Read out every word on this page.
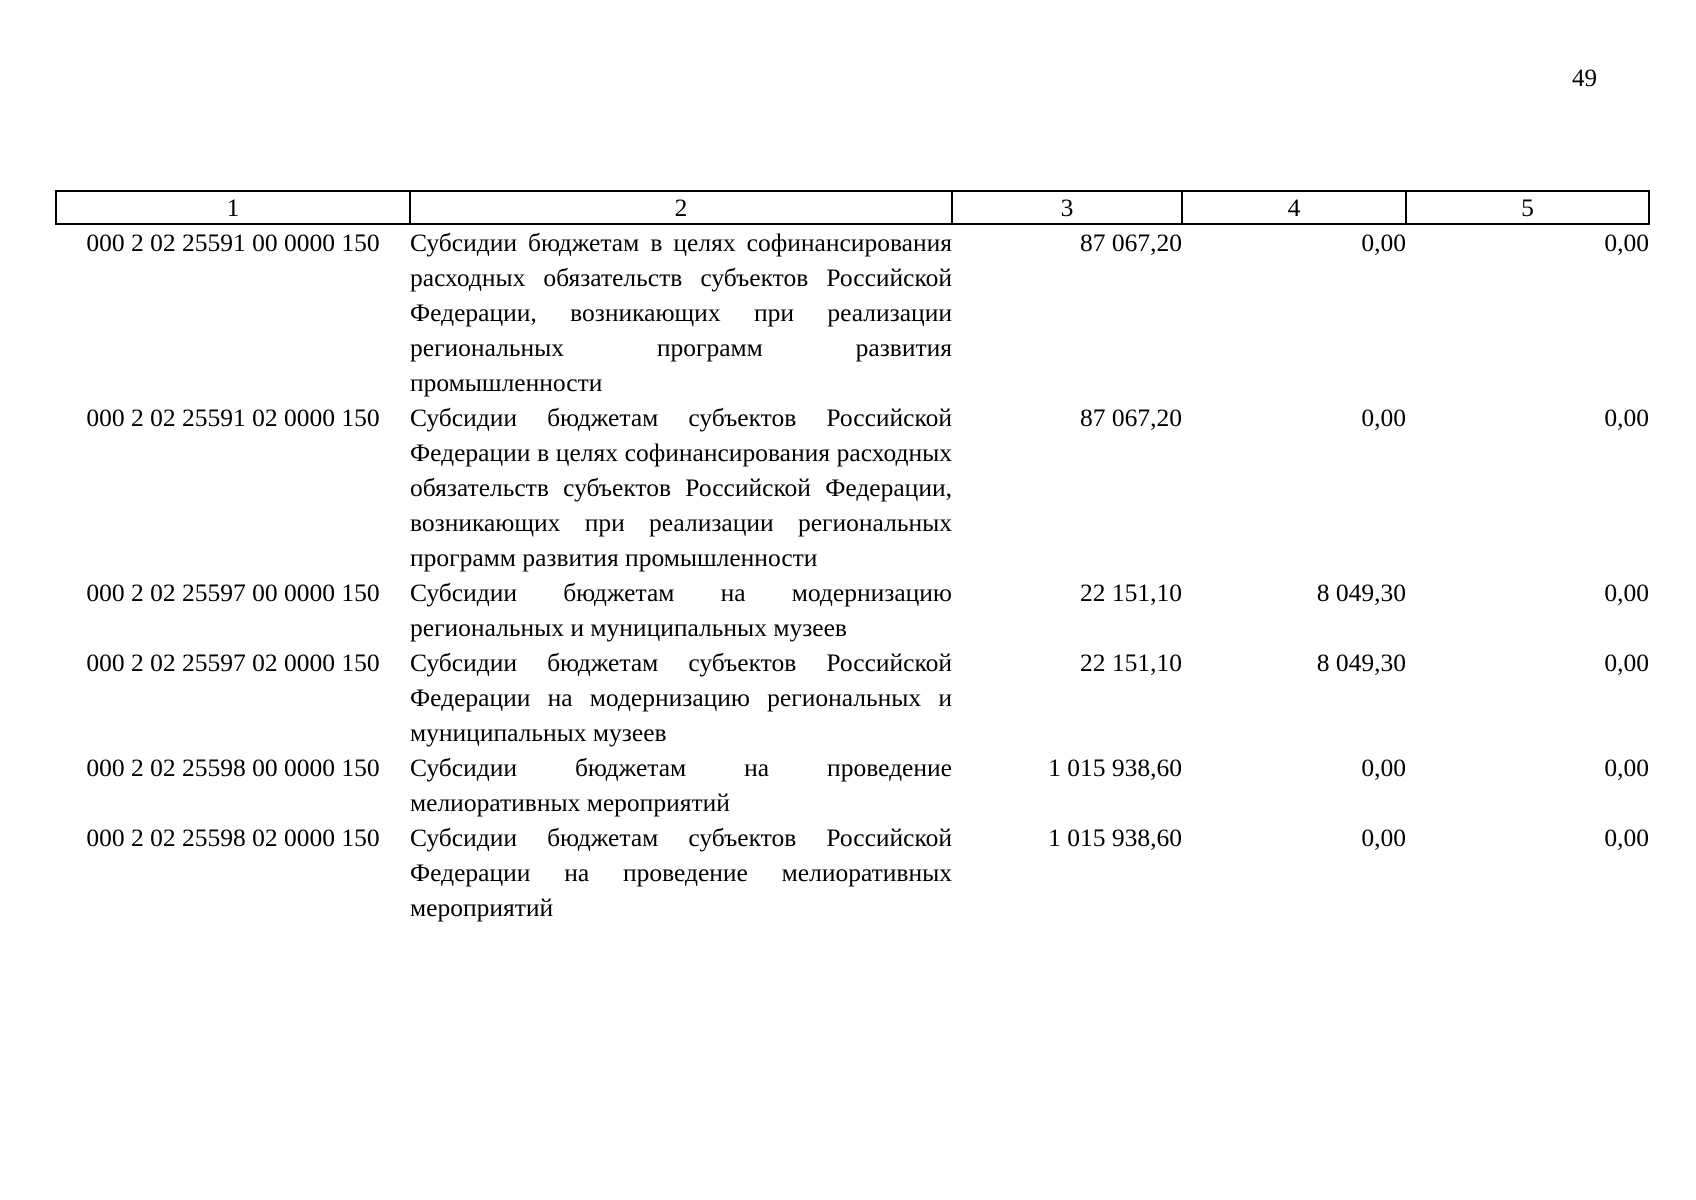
49
1	2	3	4	5
000 2 02 25591 00 0000 150	Субсидии бюджетам в целях софинансирования расходных обязательств субъектов Российской Федерации, возникающих при реализации региональных программ развития промышленности	87 067,20	0,00	0,00
000 2 02 25591 02 0000 150	Субсидии бюджетам субъектов Российской Федерации в целях софинансирования расходных обязательств субъектов Российской Федерации, возникающих при реализации региональных программ развития промышленности	87 067,20	0,00	0,00
000 2 02 25597 00 0000 150	Субсидии бюджетам на модернизацию региональных и муниципальных музеев	22 151,10	8 049,30	0,00
000 2 02 25597 02 0000 150	Субсидии бюджетам субъектов Российской Федерации на модернизацию региональных и муниципальных музеев	22 151,10	8 049,30	0,00
000 2 02 25598 00 0000 150	Субсидии бюджетам на проведение мелиоративных мероприятий	1 015 938,60	0,00	0,00
000 2 02 25598 02 0000 150	Субсидии бюджетам субъектов Российской Федерации на проведение мелиоративных мероприятий	1 015 938,60	0,00	0,00
